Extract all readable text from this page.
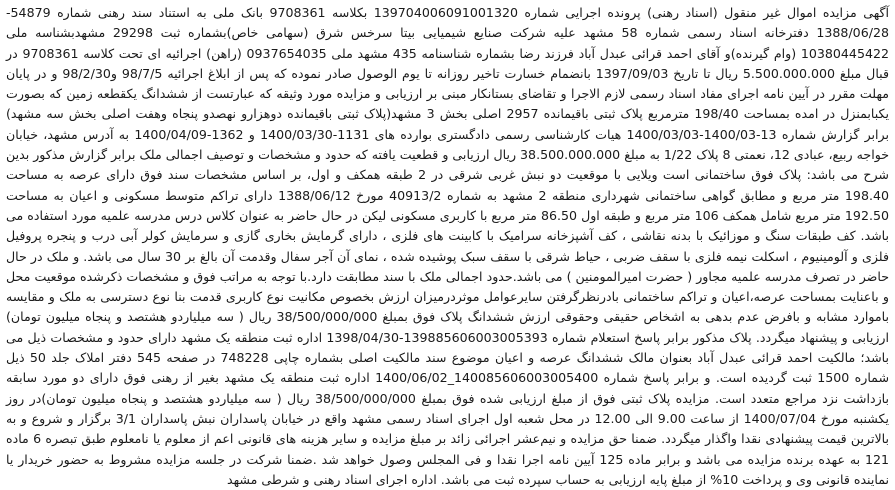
آگهی مزایده اموال غیر منقول (اسناد رهنی) پرونده اجرایی شماره 139704006091001320 بکلاسه 9708361 بانک ملی به استناد سند رهنی شماره 54879-1388/06/28 دفترخانه اسناد رسمی شماره 58 مشهد علیه شرکت صنایع شیمیایی بیتا سرخس شرق (سهامی خاص)بشماره ثبت 29298 مشهدبشناسه ملی 10380445422 (وام گیرنده)و آقای احمد قرائی عبدل آباد فرزند رضا بشماره شناسنامه 435 مشهد ملی 0937654035 (راهن) اجرائیه ای تحت کلاسه 9708361 در قبال مبلغ 5.500.000.000 ریال تا تاریخ 1397/09/03 بانضمام خسارت تاخیر روزانه تا یوم الوصول صادر نموده که پس از ابلاغ اجرائیه 98/7/5 و98/2/30 و در پایان مهلت مقرر در آیین نامه اجرای مفاد اسناد رسمی لازم الاجرا و تقاضای بستانکار مبنی بر ارزیابی و مزایده مورد وثیقه که عبارتست از ششدانگ یکقطعه زمین که بصورت یکبابمنزل در امده بمساحت 198/40 مترمربع پلاک ثبتی باقیمانده 2957 اصلی بخش 3 مشهد(پلاک ثبتی باقیمانده دوهزارو نهصدو پنجاه وهفت اصلی بخش سه مشهد) برابر گزارش شماره 13-1400/03-1400/03/03 هیات کارشناسی رسمی دادگستری بوارده های 1131-1400/03/30 و 1362-1400/04/09 به آدرس مشهد، خیابان خواجه ربیع، عبادی 12، نعمتی 8 پلاک 1/22 به مبلغ 38.500.000.000 ریال ارزیابی و قطعیت یافته که حدود و مشخصات و توصیف اجمالی ملک برابر گزارش مذکور بدین شرح می باشد: پلاک فوق ساختمانی است ویلایی با موقعیت دو نبش غربی شرقی در 2 طبقه همکف و اول، بر اساس مشخصات سند فوق دارای عرصه به مساحت 198.40 متر مربع و مطابق گواهی ساختمانی شهرداری منطقه 2 مشهد به شماره 40913/2 مورخ 1388/06/12 دارای تراکم متوسط مسکونی و اعیان به مساحت 192.50 متر مربع شامل همکف 106 متر مربع و طبقه اول 86.50 متر مربع با کاربری مسکونی لیکن در حال حاضر به عنوان کلاس درس مدرسه علمیه مورد استفاده می باشد. کف طبقات سنگ و موزائیک با بدنه نقاشی ، کف آشپزخانه سرامیک با کابینت های فلزی ، دارای گرمایش بخاری گازی و سرمایش کولر آبی درب و پنجره پروفیل فلزی و آلومینیوم ، اسکلت نیمه فلزی با سقف ضربی ، حیاط شرقی با سقف سبک پوشیده شده ، نمای آن آجر سفال وقدمت آن بالغ بر 30 سال می باشد. و ملک در حال حاضر در تصرف مدرسه علمیه مجاور ( حضرت امیرالمومنین ) می باشد.حدود اجمالی ملک با سند مطابقت دارد.با توجه به مراتب فوق و مشخصات ذکرشده موقعیت محل و باعنایت بمساحت عرصه،اعیان و تراکم ساختمانی بادرنظرگرفتن سایرعوامل موثردرمیزان ارزش بخصوص مکانیت نوع کاربری قدمت بنا نوع دسترسی به ملک و مقایسه باموارد مشابه و بافرض عدم بدهی به اشخاص حقیقی وحقوقی ارزش ششدانگ پلاک فوق بمبلغ 38/500/000/000 ریال ( سه میلیاردو هشتصد و پنجاه میلیون تومان) ارزیابی و پیشنهاد میگردد. پلاک مذکور برابر پاسخ استعلام شماره 139885606003005393-1398/04/30 اداره ثبت منطقه یک مشهد دارای حدود و مشخصات ذیل می باشد؛ مالکیت احمد قرائی عبدل آباد بعنوان مالک ششدانگ عرصه و اعیان موضوع سند مالکیت اصلی بشماره چاپی 748228 در صفحه 545 دفتر املاک جلد 50 ذیل شماره 1500 ثبت گردیده است. و برابر پاسخ شماره 140085606003005400_1400/06/02 اداره ثبت منطقه یک مشهد بغیر از رهنی فوق دارای دو مورد سابقه بازداشت نزد مراجع متعدد است. مزایده پلاک ثبتی فوق از مبلغ ارزیابی شده فوق بمبلغ 38/500/000/000 ریال ( سه میلیاردو هشتصد و پنجاه میلیون تومان)در روز یکشنبه مورخ 1400/07/04 از ساعت 9.00 الی 12.00 در محل شعبه اول اجرای اسناد رسمی مشهد واقع در خیابان پاسداران نبش پاسداران 3/1 برگزار و شروع و به بالاترین قیمت پیشنهادی نقدا واگذار میگردد. ضمنا حق مزایده و نیم‌عشر اجرائی زائد بر مبلغ مزایده و سایر هزینه های قانونی اعم از معلوم یا نامعلوم طبق تبصره 6 ماده 121 به عهده برنده مزایده می باشد و برابر ماده 125 آیین نامه اجرا نقدا و فی المجلس وصول خواهد شد .ضمنا شرکت در جلسه مزایده مشروط به حضور خریدار یا نماینده قانونی وی و پرداخت 10% از مبلغ پایه ارزیابی به حساب سپرده ثبت می باشد. اداره اجرای اسناد رهنی و شرطی مشهد
